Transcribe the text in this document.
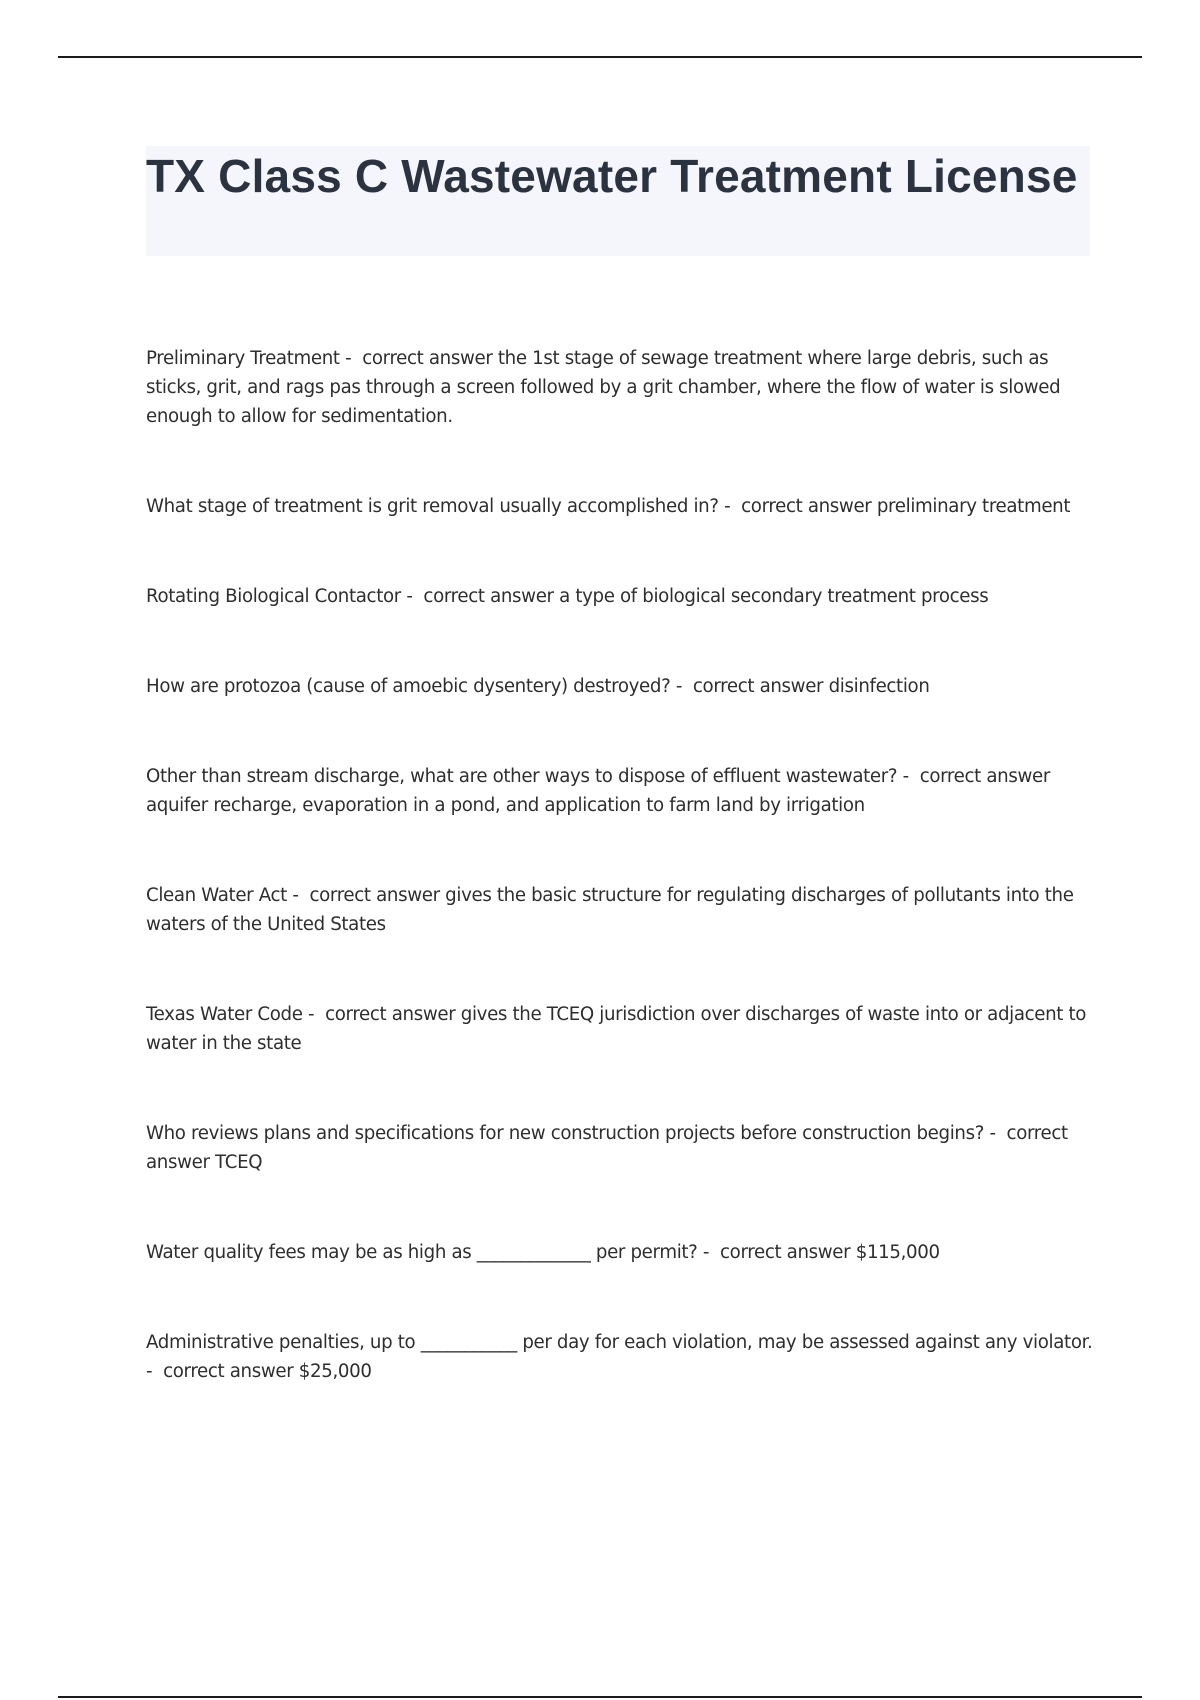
TX Class C Wastewater Treatment License
Preliminary Treatment - correct answer the 1st stage of sewage treatment where large debris, such as sticks, grit, and rags pas through a screen followed by a grit chamber, where the flow of water is slowed enough to allow for sedimentation.
What stage of treatment is grit removal usually accomplished in? - correct answer preliminary treatment
Rotating Biological Contactor - correct answer a type of biological secondary treatment process
How are protozoa (cause of amoebic dysentery) destroyed? - correct answer disinfection
Other than stream discharge, what are other ways to dispose of effluent wastewater? - correct answer aquifer recharge, evaporation in a pond, and application to farm land by irrigation
Clean Water Act - correct answer gives the basic structure for regulating discharges of pollutants into the waters of the United States
Texas Water Code - correct answer gives the TCEQ jurisdiction over discharges of waste into or adjacent to water in the state
Who reviews plans and specifications for new construction projects before construction begins? - correct answer TCEQ
Water quality fees may be as high as _____________ per permit? - correct answer $115,000
Administrative penalties, up to ___________ per day for each violation, may be assessed against any violator. - correct answer $25,000
